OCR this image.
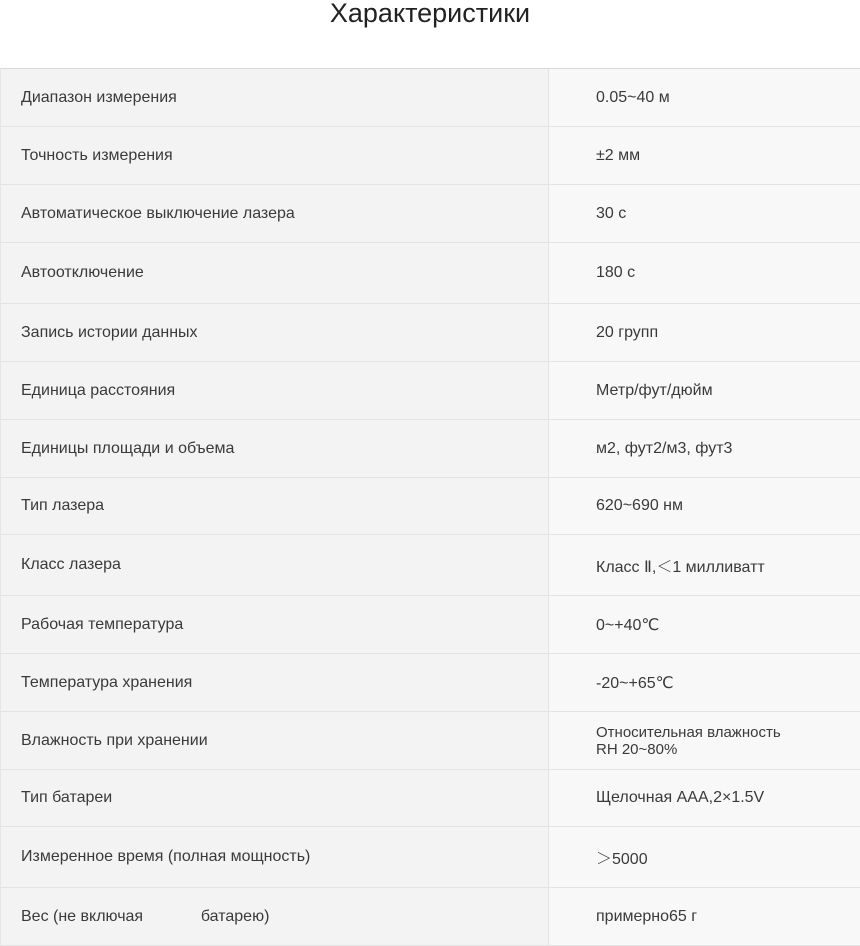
Характеристики
Диапазон измерения	0.05~40 м
Точность измерения	±2 мм
Автоматическое выключение лазера	30 с
Автоотключение	180 с
Запись истории данных	20 групп
Единица расстояния	Метр/фут/дюйм
Единицы площади и объема	м2, фут2/м3, фут3
Тип лазера	620~690 нм
Класс лазера	Класс Ⅱ,＜1 милливатт
Рабочая температура	0~+40℃
Температура хранения	-20~+65℃
Влажность при хранении	Относительная влажность
RH 20~80%
Тип батареи	Щелочная AAA,2×1.5V
Измеренное время (полная мощность)	＞5000
Вес (не включая             батарею)	примерно65 г
